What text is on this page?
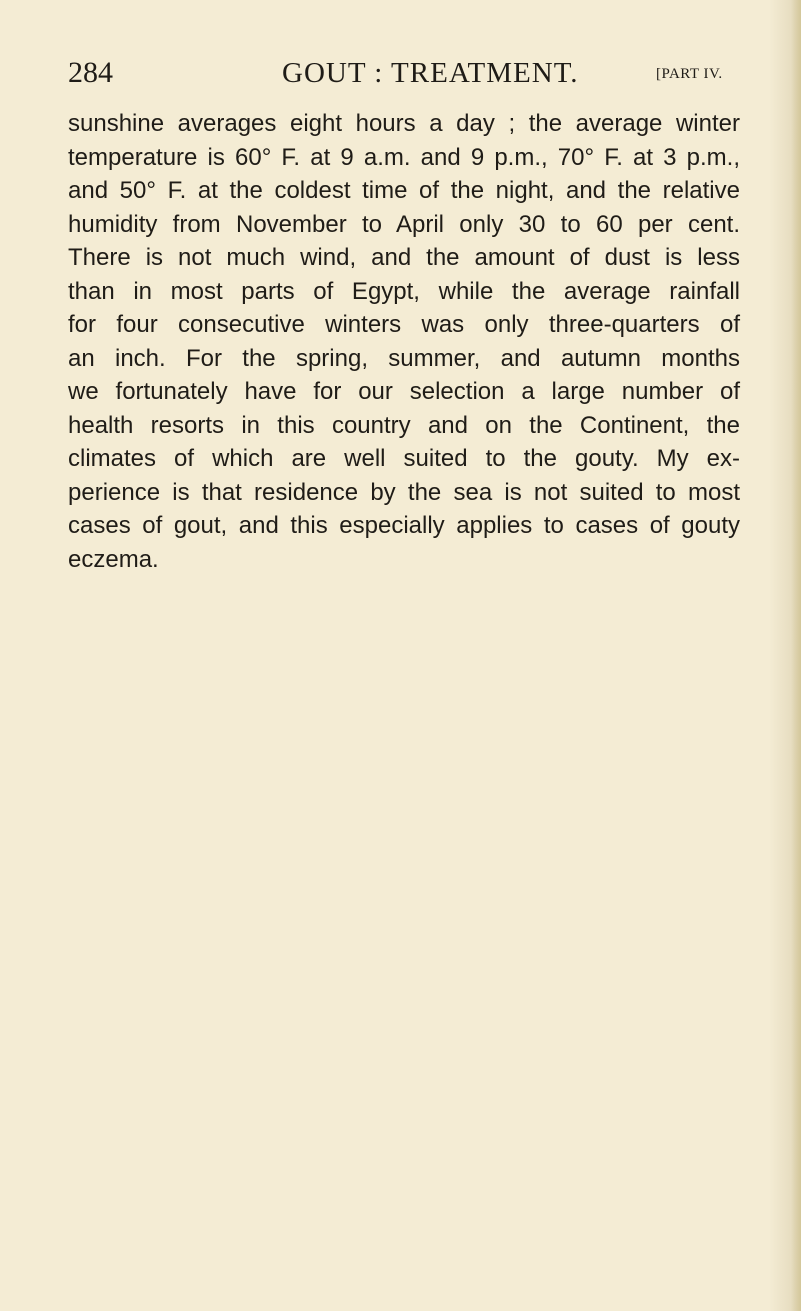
284	GOUT : TREATMENT.	[PART IV.
sunshine averages eight hours a day ; the average winter
temperature is 60° F. at 9 a.m. and 9 p.m., 70° F. at 3 p.m.,
and 50° F. at the coldest time of the night, and the relative
humidity from November to April only 30 to 60 per cent.
There is not much wind, and the amount of dust is less
than in most parts of Egypt, while the average rainfall
for four consecutive winters was only three-quarters of
an inch. For the spring, summer, and autumn months
we fortunately have for our selection a large number of
health resorts in this country and on the Continent, the
climates of which are well suited to the gouty. My ex-
perience is that residence by the sea is not suited to most
cases of gout, and this especially applies to cases of gouty
eczema.
